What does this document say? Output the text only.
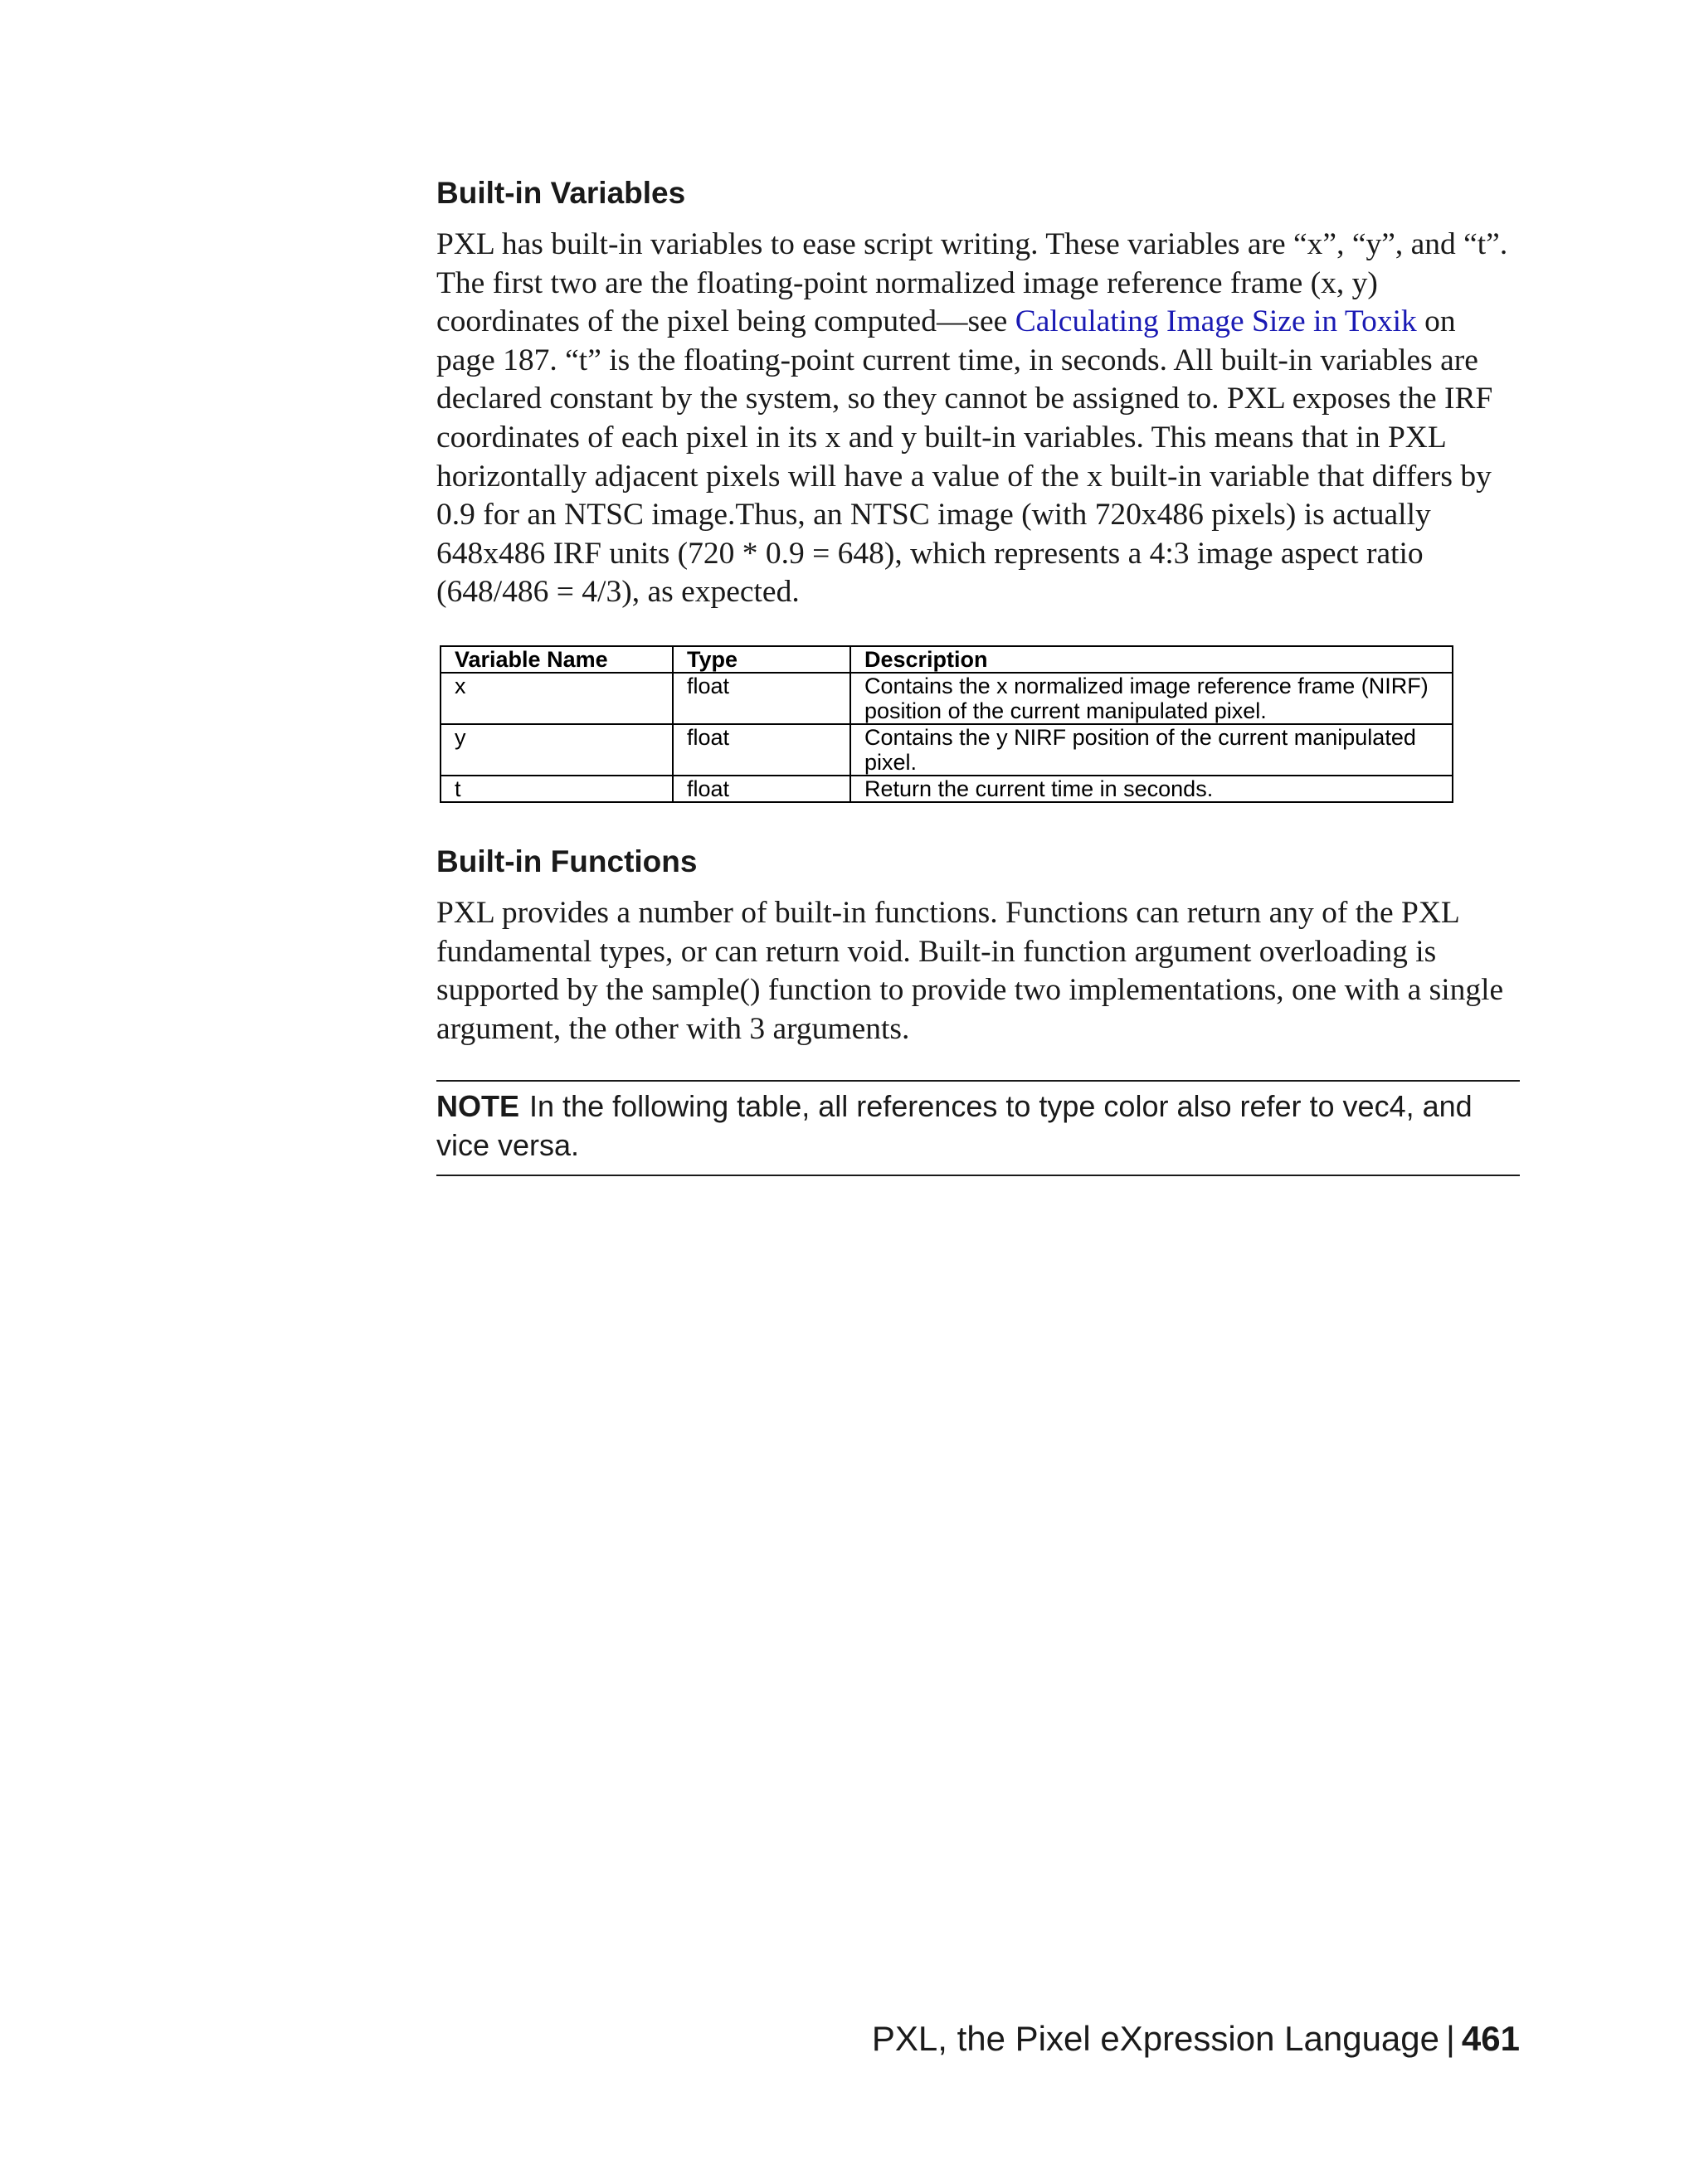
Built-in Variables

PXL has built-in variables to ease script writing. These variables are “x”, “y”, and “t”. The first two are the floating-point normalized image reference frame (x, y) coordinates of the pixel being computed—see Calculating Image Size in Toxik on page 187. “t” is the floating-point current time, in seconds. All built-in variables are declared constant by the system, so they cannot be assigned to. PXL exposes the IRF coordinates of each pixel in its x and y built-in variables. This means that in PXL horizontally adjacent pixels will have a value of the x built-in variable that differs by 0.9 for an NTSC image.Thus, an NTSC image (with 720x486 pixels) is actually 648x486 IRF units (720 * 0.9 = 648), which represents a 4:3 image aspect ratio (648/486 = 4/3), as expected.

Variable Name	Type	Description
x	float	Contains the x normalized image reference frame (NIRF) position of the current manipulated pixel.
y	float	Contains the y NIRF position of the current manipulated pixel.
t	float	Return the current time in seconds.
Built-in Functions

PXL provides a number of built-in functions. Functions can return any of the PXL fundamental types, or can return void. Built-in function argument overloading is supported by the sample() function to provide two implementations, one with a single argument, the other with 3 arguments.

NOTE In the following table, all references to type color also refer to vec4, and vice versa.
PXL, the Pixel eXpression Language | 461
